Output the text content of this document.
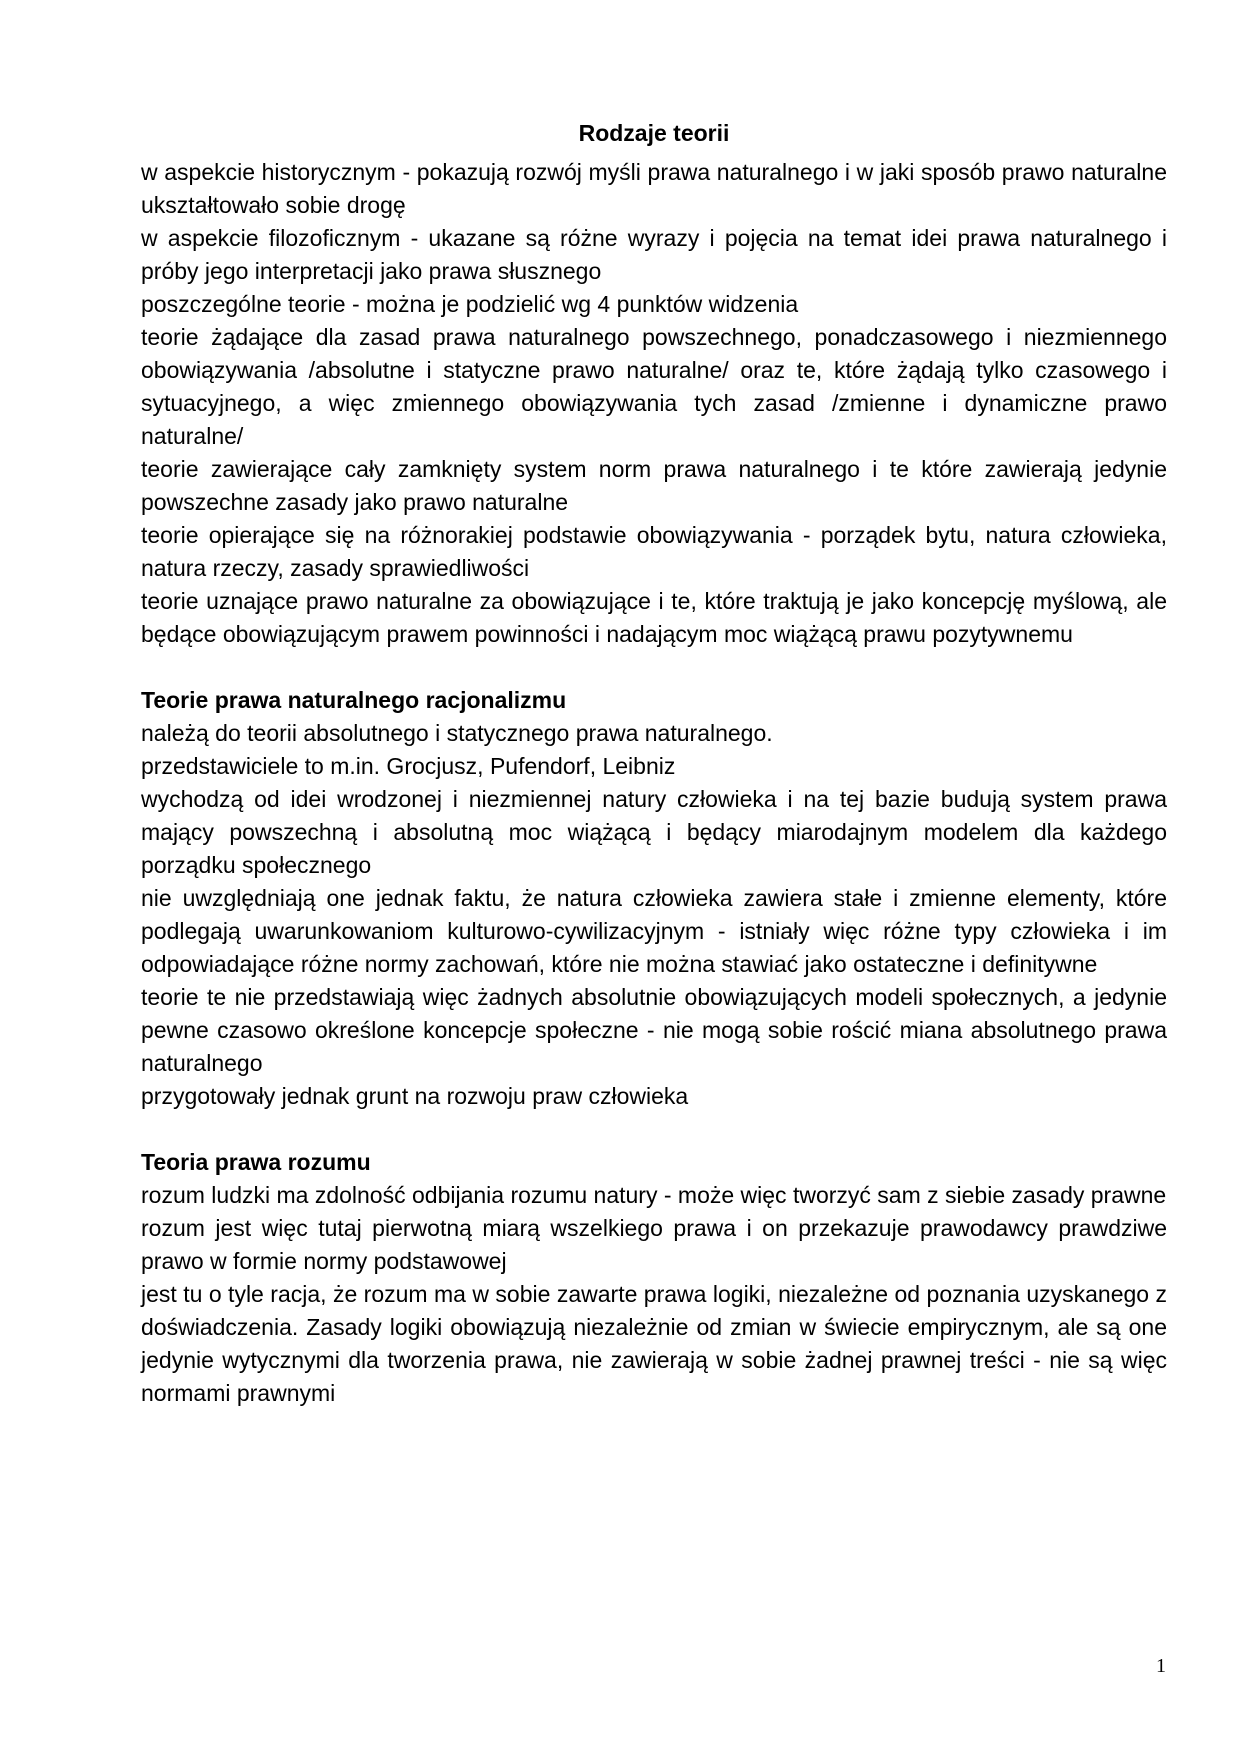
Rodzaje teorii

w aspekcie historycznym - pokazują rozwój myśli prawa naturalnego i w jaki sposób prawo naturalne ukształtowało sobie drogę

w aspekcie filozoficznym - ukazane są różne wyrazy i pojęcia na temat idei prawa naturalnego i próby jego interpretacji jako prawa słusznego

poszczególne teorie - można je podzielić wg 4 punktów widzenia

teorie żądające dla zasad prawa naturalnego powszechnego, ponadczasowego i niezmiennego obowiązywania /absolutne i statyczne prawo naturalne/ oraz te, które żądają tylko czasowego i sytuacyjnego, a więc zmiennego obowiązywania tych zasad /zmienne i dynamiczne prawo naturalne/

teorie zawierające cały zamknięty system norm prawa naturalnego i te które zawierają jedynie powszechne zasady jako prawo naturalne

teorie opierające się na różnorakiej podstawie obowiązywania - porządek bytu, natura człowieka, natura rzeczy, zasady sprawiedliwości

teorie uznające prawo naturalne za obowiązujące i te, które traktują je jako koncepcję myślową, ale będące obowiązującym prawem powinności i nadającym moc wiążącą prawu pozytywnemu

Teorie prawa naturalnego racjonalizmu

należą do teorii absolutnego i statycznego prawa naturalnego.

przedstawiciele to m.in. Grocjusz, Pufendorf, Leibniz

wychodzą od idei wrodzonej i niezmiennej natury człowieka i na tej bazie budują system prawa mający powszechną i absolutną moc wiążącą i będący miarodajnym modelem dla każdego porządku społecznego

nie uwzględniają one jednak faktu, że natura człowieka zawiera stałe i zmienne elementy, które podlegają uwarunkowaniom kulturowo-cywilizacyjnym - istniały więc różne typy człowieka i im odpowiadające różne normy zachowań, które nie można stawiać jako ostateczne i definitywne

teorie te nie przedstawiają więc żadnych absolutnie obowiązujących modeli społecznych, a jedynie pewne czasowo określone koncepcje społeczne - nie mogą sobie rościć miana absolutnego prawa naturalnego

przygotowały jednak grunt na rozwoju praw człowieka

Teoria prawa rozumu

rozum ludzki ma zdolność odbijania rozumu natury - może więc tworzyć sam z siebie zasady prawne

rozum jest więc tutaj pierwotną miarą wszelkiego prawa i on przekazuje prawodawcy prawdziwe prawo w formie normy podstawowej

jest tu o tyle racja, że rozum ma w sobie zawarte prawa logiki, niezależne od poznania uzyskanego z doświadczenia. Zasady logiki obowiązują niezależnie od zmian w świecie empirycznym, ale są one jedynie wytycznymi dla tworzenia prawa, nie zawierają w sobie żadnej prawnej treści - nie są więc normami prawnymi

1
